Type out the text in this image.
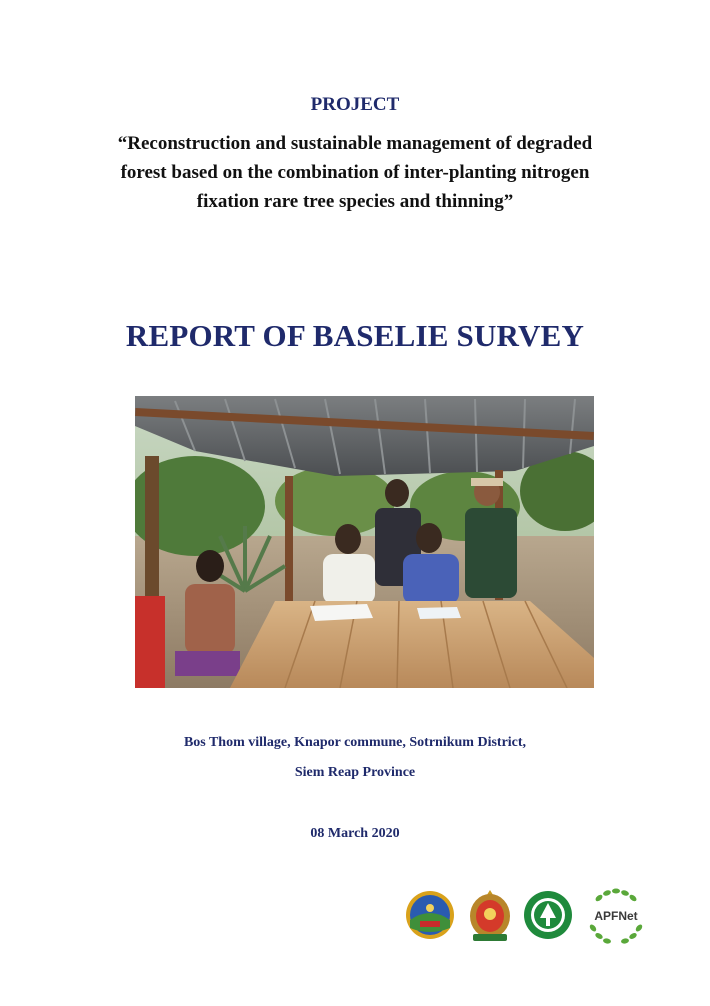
PROJECT
“Reconstruction and sustainable management of degraded
forest based on the combination of inter-planting nitrogen
fixation rare tree species and thinning”
REPORT OF BASELIE SURVEY
Bos Thom village, Knapor commune, Sotrnikum District,
Siem Reap Province
08 March 2020
APFNet
